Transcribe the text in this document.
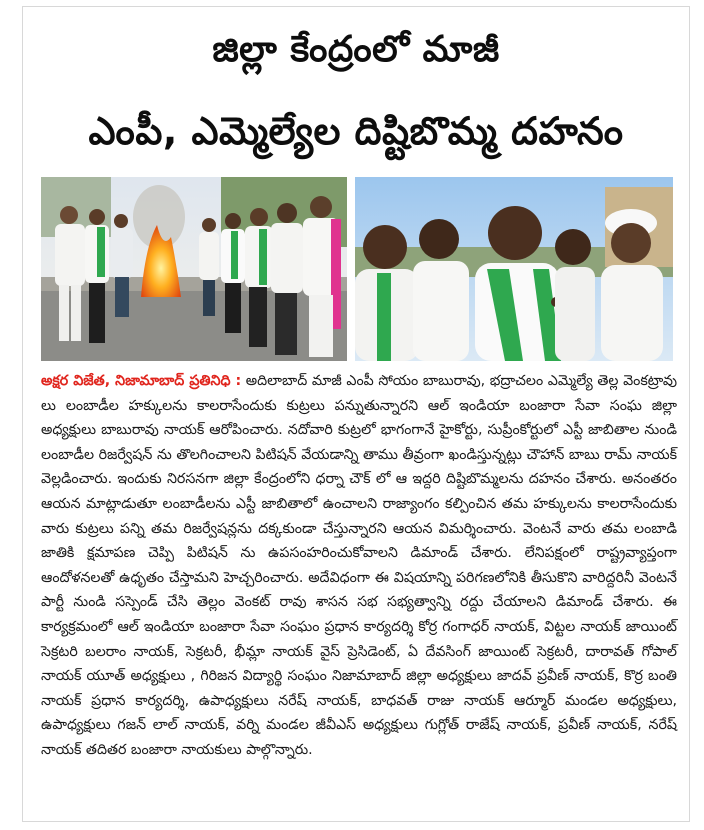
జిల్లా కేంద్రంలో మాజీ
ఎంపీ, ఎమ్మెల్యేల దిష్టిబొమ్మ దహనం
అక్షర విజేత, నిజామాబాద్ ప్రతినిధి : అదిలాబాద్ మాజీ ఎంపీ సోయం బాబురావు, భద్రాచలం ఎమ్మెల్యే తెల్ల వెంకట్రావు లు లంబాడీల హక్కులను కాలరాసేందుకు కుట్రలు పన్నుతున్నారని ఆల్ ఇండియా బంజారా సేవా సంఘ జిల్లా అధ్యక్షులు బాబురావు నాయక్ ఆరోపించారు. నదోవారి కుట్రలో భాగంగానే హైకోర్టు, సుప్రీంకోర్టులో ఎస్టీ జాబితాల నుండి లంబాడీల రిజర్వేషన్ ను తొలగించాలని పిటిషన్ వేయడాన్ని తాము తీవ్రంగా ఖండిస్తున్నట్లు చౌహాన్ బాబు రామ్ నాయక్ వెల్లడించారు. ఇందుకు నిరసనగా జిల్లా కేంద్రంలోని ధర్నా చౌక్ లో ఆ ఇద్దరి దిష్టిబొమ్మలను దహనం చేశారు. అనంతరం ఆయన మాట్లాడుతూ లంబాడీలను ఎస్టీ జాబితాలో ఉంచాలని రాజ్యాంగం కల్పించిన తమ హక్కులను కాలరాసేందుకు వారు కుట్రలు పన్ని తమ రిజర్వేషన్లను దక్కకుండా చేస్తున్నారని ఆయన విమర్శించారు. వెంటనే వారు తమ లంబాడి జాతికి క్షమాపణ చెప్పి పిటిషన్ ను ఉపసంహరించుకోవాలని డిమాండ్ చేశారు. లేనిపక్షంలో రాష్ట్రవ్యాప్తంగా ఆందోళనలతో ఉధృతం చేస్తామని హెచ్చరించారు. అదేవిధంగా ఈ విషయాన్ని పరిగణలోనికి తీసుకొని వారిద్దరినీ వెంటనే పార్టీ నుండి సస్పెండ్ చేసి తెల్లం వెంకట్ రావు శాసన సభ సభ్యత్వాన్ని రద్దు చేయాలని డిమాండ్ చేశారు. ఈ కార్యక్రమంలో ఆల్ ఇండియా బంజారా సేవా సంఘం ప్రధాన కార్యదర్శి కోర్ర గంగాధర్ నాయక్, విట్టల నాయక్ జాయింట్ సెక్రటరి బలరాం నాయక్, సెక్రటరీ, భీమ్లా నాయక్ వైస్ ప్రెసిడెంట్, ఏ దేవసింగ్ జాయింట్ సెక్రటరీ, దారావత్ గోపాల్ నాయక్ యూత్ అధ్యక్షులు , గిరిజన విద్యార్థి సంఘం నిజామాబాద్ జిల్లా అధ్యక్షులు జాదవ్ ప్రవీణ్ నాయక్, కొర్ర బంతి నాయక్ ప్రధాన కార్యదర్శి, ఉపాధ్యక్షులు నరేష్ నాయక్, బాధవత్ రాజు నాయక్ ఆర్మూర్ మండల అధ్యక్షులు, ఉపాధ్యక్షులు గజన్ లాల్ నాయక్, వర్ని మండల జీవీఎస్ అధ్యక్షులు గుగ్లోత్ రాజేష్ నాయక్, ప్రవీణ్ నాయక్, నరేష్ నాయక్ తదితర బంజారా నాయకులు పాల్గొన్నారు.
